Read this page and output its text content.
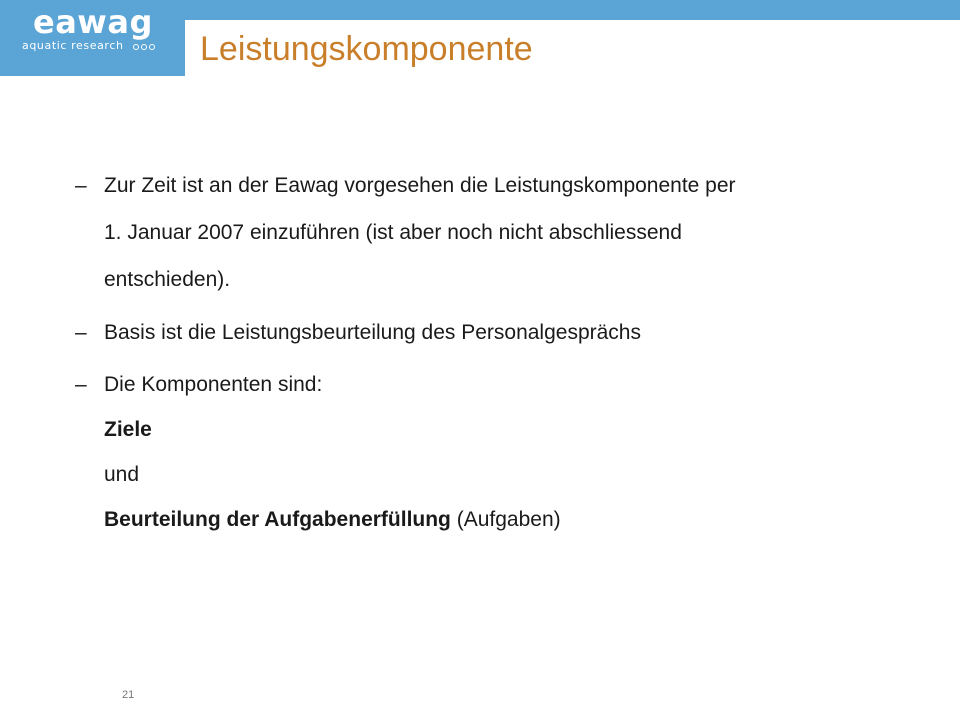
eawag
aquatic research	Leistungskomponente
– Zur Zeit ist an der Eawag vorgesehen die Leistungskomponente per
1. Januar 2007 einzuführen (ist aber noch nicht abschliessend
entschieden).
– Basis ist die Leistungsbeurteilung des Personalgesprächs
– Die Komponenten sind:
Ziele
und
Beurteilung der Aufgabenerfüllung (Aufgaben)
21
